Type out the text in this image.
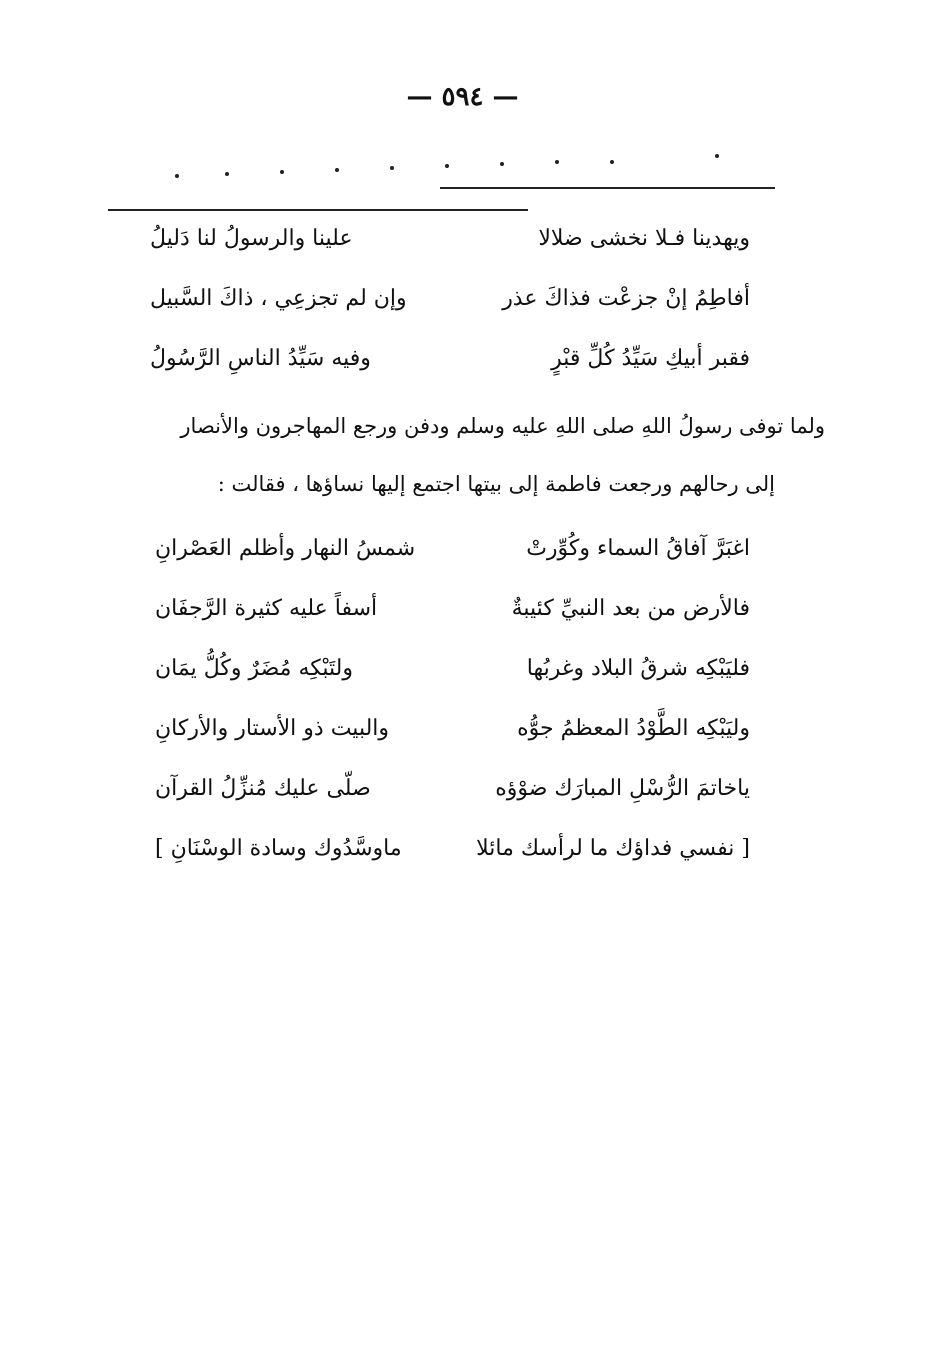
— ٥٩٤ —
ويهدينا فـلا نخشى ضلالا
علينا والرسولُ لنا دَليلُ
أفاطِمُ إنْ جزعْت فذاكَ عذر
وإن لم تجزعِي ، ذاكَ السَّبيل
فقبر أبيكِ سَيِّدُ كُلِّ قبْرٍ
وفيه سَيِّدُ الناسِ الرَّسُولُ
ولما توفى رسولُ اللهِ صلى اللهِ عليه وسلم ودفن ورجع المهاجرون والأنصار
إلى رحالهم ورجعت فاطمة إلى بيتها اجتمع إليها نساؤها ، فقالت :
اغبَرَّ آفاقُ السماء وكُوِّرتْ
شمسُ النهار وأظلم العَصْرانِ
فالأرض من بعد النبيِّ كئيبةٌ
أسفاً عليه كثيرة الرَّجفَان
فليَبْكِه شرقُ البلاد وغربُها
ولتَبْكِه مُضَرٌ وكُلُّ يمَان
وليَبْكِه الطَّوْدُ المعظمُ جوُّه
والبيت ذو الأستار والأركانِ
ياخاتمَ الرُّسْلِ المبارَك ضوْؤه
صلّى عليك مُنزِّلُ القرآن
[ نفسي فداؤك ما لرأسك مائلا
ماوسَّدُوك وسادة الوسْنَانِ ]
